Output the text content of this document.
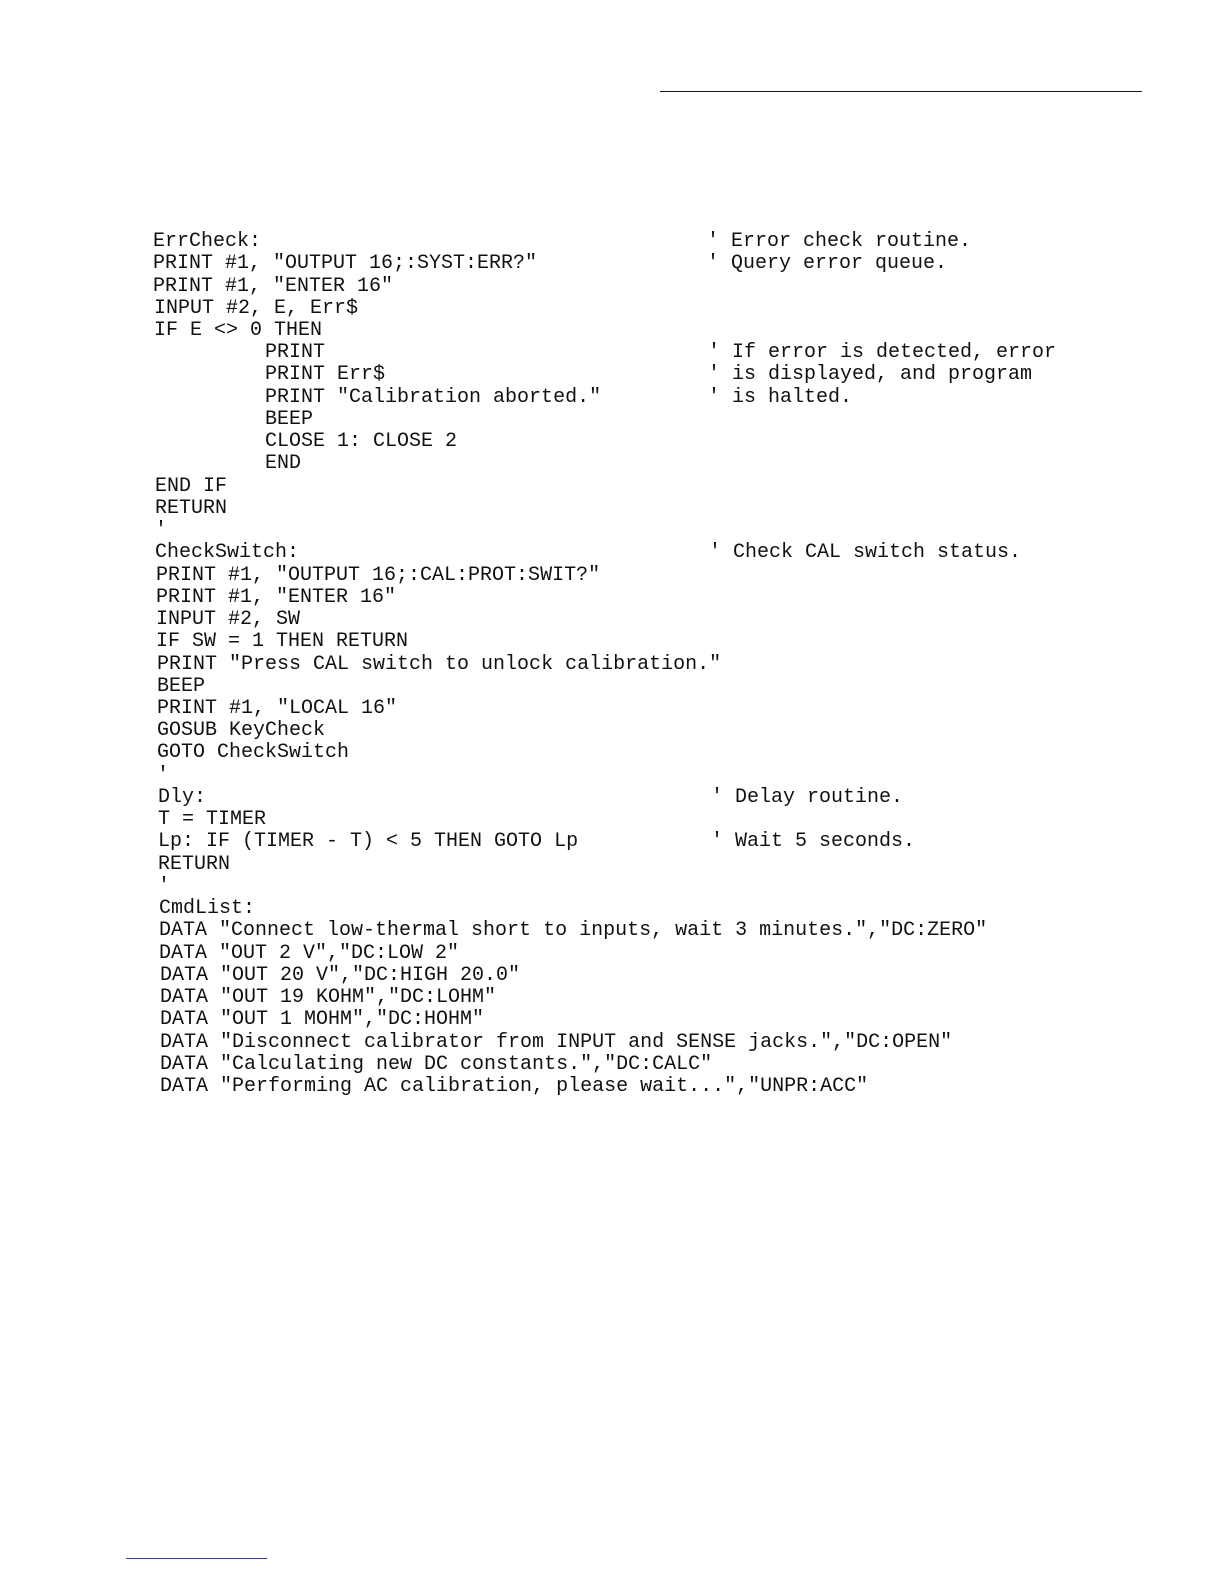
ErrCheck:

	' Error check routine.

PRINT #1, "OUTPUT 16;:SYST:ERR?"

	' Query error queue.

PRINT #1, "ENTER 16"

INPUT #2, E, Err$

IF E <> 0 THEN

PRINT

	' If error is detected, error

PRINT Err$

	' is displayed, and program

PRINT "Calibration aborted."

	' is halted.

BEEP

CLOSE 1: CLOSE 2

END

END IF

RETURN

'

CheckSwitch:

	' Check CAL switch status.

PRINT #1, "OUTPUT 16;:CAL:PROT:SWIT?"

PRINT #1, "ENTER 16"

INPUT #2, SW

IF SW = 1 THEN RETURN

PRINT "Press CAL switch to unlock calibration."

BEEP

PRINT #1, "LOCAL 16"

GOSUB KeyCheck

GOTO CheckSwitch

'

Dly:

	' Delay routine.

T = TIMER

Lp: IF (TIMER - T) < 5 THEN GOTO Lp

	' Wait 5 seconds.

RETURN

'

CmdList:

DATA "Connect low-thermal short to inputs, wait 3 minutes.","DC:ZERO"

DATA "OUT 2 V","DC:LOW 2"

DATA "OUT 20 V","DC:HIGH 20.0"

DATA "OUT 19 KOHM","DC:LOHM"

DATA "OUT 1 MOHM","DC:HOHM"

DATA "Disconnect calibrator from INPUT and SENSE jacks.","DC:OPEN"

DATA "Calculating new DC constants.","DC:CALC"

DATA "Performing AC calibration, please wait...","UNPR:ACC"
